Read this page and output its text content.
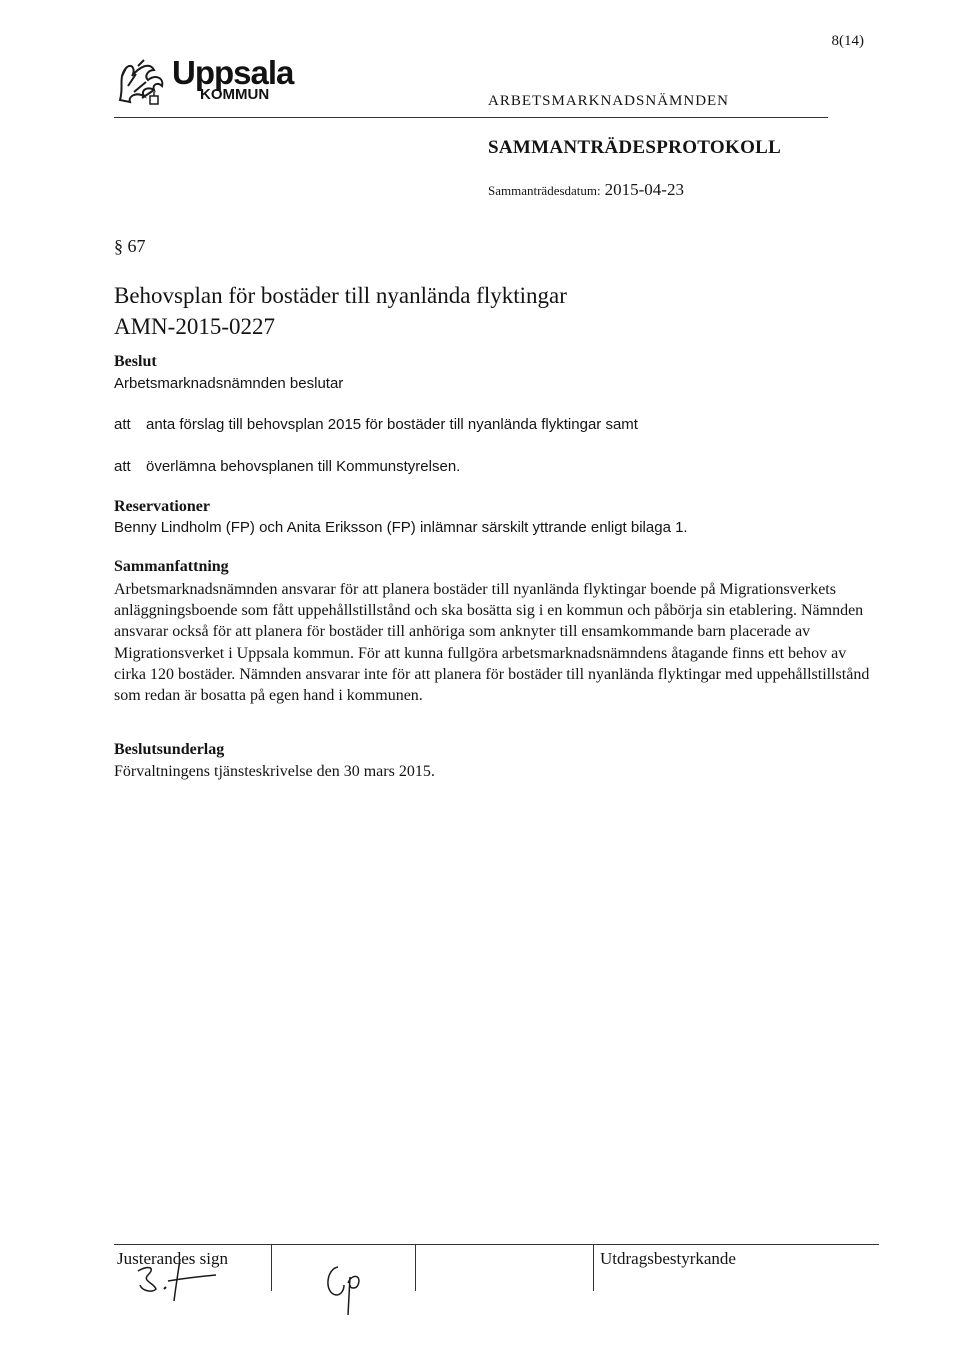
8(14)
Uppsala
KOMMUN	ARBETSMARKNADSNÄMNDEN
SAMMANTRÄDESPROTOKOLL
Sammanträdesdatum: 2015-04-23
§ 67
Behovsplan för bostäder till nyanlända flyktingar
AMN-2015-0227
Beslut
Arbetsmarknadsnämnden beslutar
att anta förslag till behovsplan 2015 för bostäder till nyanlända flyktingar samt
att överlämna behovsplanen till Kommunstyrelsen.
Reservationer
Benny Lindholm (FP) och Anita Eriksson (FP) inlämnar särskilt yttrande enligt bilaga 1.
Sammanfattning

Arbetsmarknadsnämnden ansvarar för att planera bostäder till nyanlända flyktingar boende på Migrationsverkets anläggningsboende som fått uppehållstillstånd och ska bosätta sig i en kommun och påbörja sin etablering. Nämnden ansvarar också för att planera för bostäder till anhöriga som anknyter till ensamkommande barn placerade av Migrationsverket i Uppsala kommun. För att kunna fullgöra arbetsmarknadsnämndens åtagande finns ett behov av cirka 120 bostäder. Nämnden ansvarar inte för att planera för bostäder till nyanlända flyktingar med uppehållstillstånd som redan är bosatta på egen hand i kommunen.

Beslutsunderlag
Förvaltningens tjänsteskrivelse den 30 mars 2015.
Justerandes sign	Utdragsbestyrkande
